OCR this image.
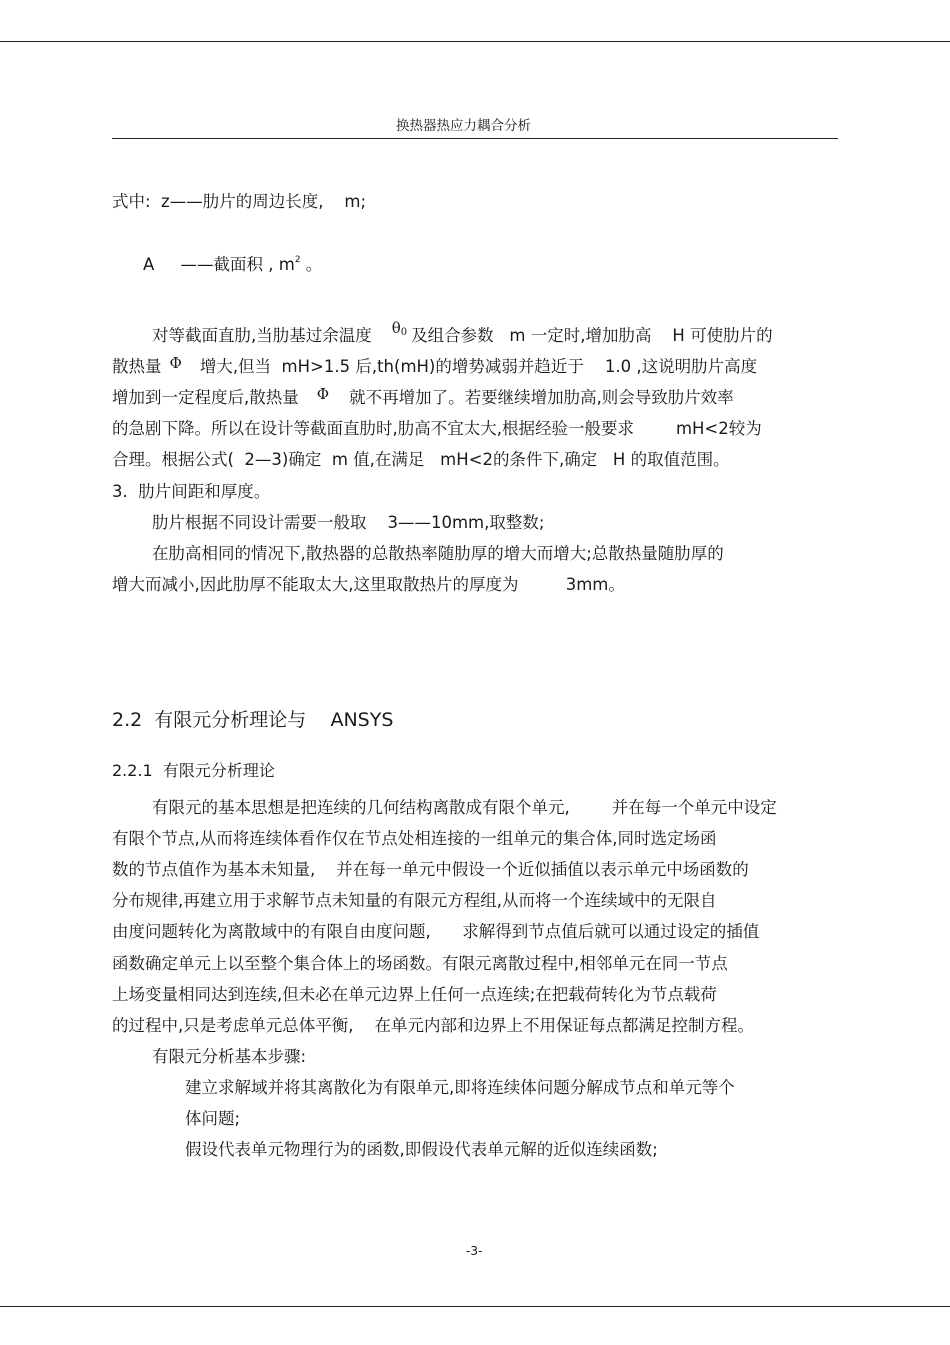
换热器热应力耦合分析
式中:  z——肋片的周边长度,    m;
A     ——截面积 , $m^2$ 。
对等截面直肋,当肋基过余温度 $\theta_0$ 及组合参数   m 一定时,增加肋高    H 可使肋片的
散热量 Φ 增大,但当  mH>1.5 后,th(mH)的增势减弱并趋近于    1.0 ,这说明肋片高度
增加到一定程度后,散热量 Φ 就不再增加了。若要继续增加肋高,则会导致肋片效率
的急剧下降。所以在设计等截面直肋时,肋高不宜太大,根据经验一般要求        mH<2较为
合理。根据公式(  2—3)确定  m 值,在满足   mH<2的条件下,确定   H 的取值范围。
3.  肋片间距和厚度。
肋片根据不同设计需要一般取    3——10mm,取整数;
在肋高相同的情况下,散热器的总散热率随肋厚的增大而增大;总散热量随肋厚的
增大而减小,因此肋厚不能取太大,这里取散热片的厚度为         3mm。
2.2  有限元分析理论与    ANSYS
2.2.1  有限元分析理论
有限元的基本思想是把连续的几何结构离散成有限个单元,        并在每一个单元中设定
有限个节点,从而将连续体看作仅在节点处相连接的一组单元的集合体,同时选定场函
数的节点值作为基本未知量,    并在每一单元中假设一个近似插值以表示单元中场函数的
分布规律,再建立用于求解节点未知量的有限元方程组,从而将一个连续域中的无限自
由度问题转化为离散域中的有限自由度问题,      求解得到节点值后就可以通过设定的插值
函数确定单元上以至整个集合体上的场函数。有限元离散过程中,相邻单元在同一节点
上场变量相同达到连续,但未必在单元边界上任何一点连续;在把载荷转化为节点载荷
的过程中,只是考虑单元总体平衡,    在单元内部和边界上不用保证每点都满足控制方程。
有限元分析基本步骤:
建立求解域并将其离散化为有限单元,即将连续体问题分解成节点和单元等个
体问题;
假设代表单元物理行为的函数,即假设代表单元解的近似连续函数;
-3-
